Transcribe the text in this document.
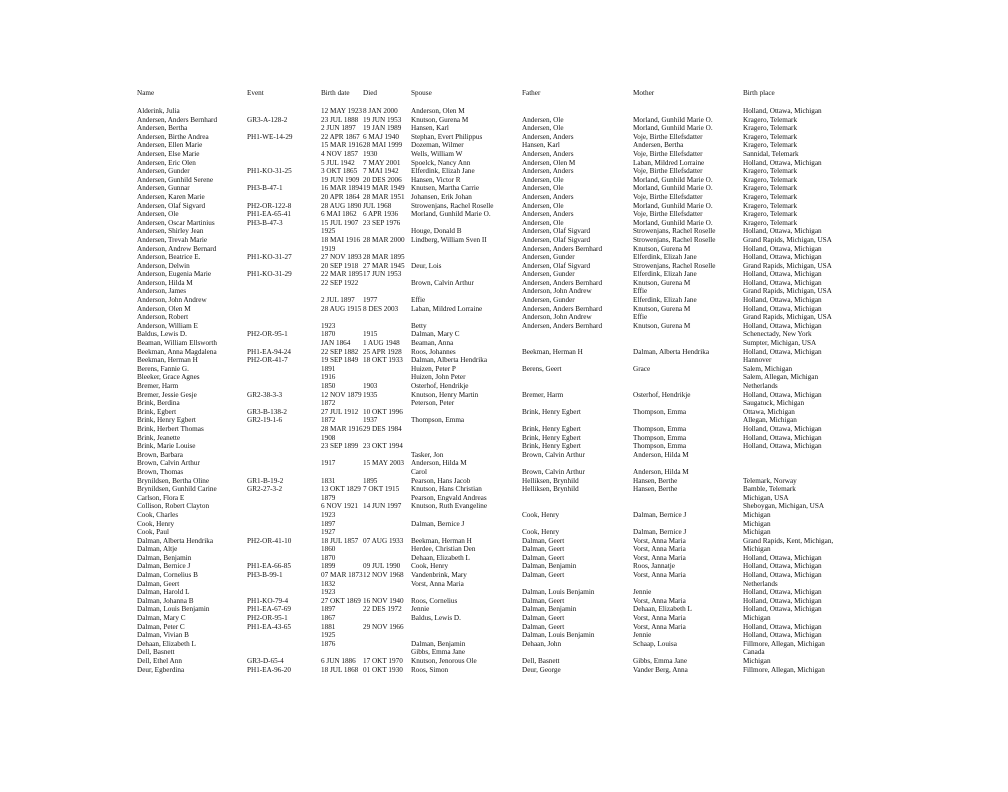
Name	Event	Birth date	Died	Spouse	Father	Mother	Birth place
Alderink, Julia		12 MAY 1923	8 JAN 2000	Anderson, Olen M			Holland, Ottawa, Michigan
Andersen, Anders Bernhard	GR3-A-128-2	23 JUL 1888	19 JUN 1953	Knutson, Gurena M	Andersen, Ole	Morland, Gunhild Marie O.	Kragero, Telemark
Andersen, Bertha		2 JUN 1897	19 JAN 1989	Hansen, Karl	Andersen, Ole	Morland, Gunhild Marie O.	Kragero, Telemark
Andersen, Birthe Andrea	PH1-WE-14-29	22 APR 1867	6 MAJ 1940	Stephan, Evert Philippus	Andersen, Anders	Voje, Birthe Ellefsdatter	Kragero, Telemark
Andersen, Ellen Marie		15 MAR 1916	28 MAI 1999	Dozeman, Wilmer	Hansen, Karl	Andersen, Bertha	Kragero, Telemark
Andersen, Else Marie		4 NOV 1857	1930	Wells, William W	Andersen, Anders	Voje, Birthe Ellefsdatter	Sannidal, Telemark
Andersen, Eric Olen		5 JUL 1942	7 MAY 2001	Spoelck, Nancy Ann	Andersen, Olen M	Laban, Mildred Lorraine	Holland, Ottawa, Michigan
Andersen, Gunder	PH1-KO-31-25	3 OKT 1865	7 MAI 1942	Elferdink, Elizah Jane	Andersen, Anders	Voje, Birthe Ellefsdatter	Kragero, Telemark
Andersen, Gunhild Serene		19 JUN 1909	20 DES 2006	Hansen, Victor R	Andersen, Ole	Morland, Gunhild Marie O.	Kragero, Telemark
Andersen, Gunnar	PH3-B-47-1	16 MAR 1894	19 MAR 1949	Knutsen, Martha Carrie	Andersen, Ole	Morland, Gunhild Marie O.	Kragero, Telemark
Andersen, Karen Marie		20 APR 1864	28 MAR 1951	Johansen, Erik Johan	Andersen, Anders	Voje, Birthe Ellefsdatter	Kragero, Telemark
Andersen, Olaf Sigvard	PH2-OR-122-8	28 AUG 1890	JUL 1968	Strowenjans, Rachel Roselle	Andersen, Ole	Morland, Gunhild Marie O.	Kragero, Telemark
Andersen, Ole	PH1-EA-65-41	6 MAI 1862	6 APR 1936	Morland, Gunhild Marie O.	Andersen, Anders	Voje, Birthe Ellefsdatter	Kragero, Telemark
Andersen, Oscar Martinius	PH3-B-47-3	15 JUL 1907	23 SEP 1976		Andersen, Ole	Morland, Gunhild Marie O.	Kragero, Telemark
Andersen, Shirley Jean		1925		Houge, Donald B	Andersen, Olaf Sigvard	Strowenjans, Rachel Roselle	Holland, Ottawa, Michigan
Andersen, Trevah Marie		18 MAI 1916	28 MAR 2000	Lindberg, William Sven II	Andersen, Olaf Sigvard	Strowenjans, Rachel Roselle	Grand Rapids, Michigan, USA
Anderson, Andrew Bernard		1919			Andersen, Anders Bernhard	Knutson, Gurena M	Holland, Ottawa, Michigan
Anderson, Beatrice E.	PH1-KO-31-27	27 NOV 1893	28 MAR 1895		Andersen, Gunder	Elferdink, Elizah Jane	Holland, Ottawa, Michigan
Anderson, Delwin		20 SEP 1918	27 MAR 1945	Deur, Lois	Andersen, Olaf Sigvard	Strowenjans, Rachel Roselle	Grand Rapids, Michigan, USA
Anderson, Eugenia Marie	PH1-KO-31-29	22 MAR 1895	17 JUN 1953		Andersen, Gunder	Elferdink, Elizah Jane	Holland, Ottawa, Michigan
Anderson, Hilda M		22 SEP 1922		Brown, Calvin Arthur	Andersen, Anders Bernhard	Knutson, Gurena M	Holland, Ottawa, Michigan
Anderson, James					Anderson, John Andrew	Effie	Grand Rapids, Michigan, USA
Anderson, John Andrew		2 JUL 1897	1977	Effie	Andersen, Gunder	Elferdink, Elizah Jane	Holland, Ottawa, Michigan
Anderson, Olen M		28 AUG 1915	8 DES 2003	Laban, Mildred Lorraine	Andersen, Anders Bernhard	Knutson, Gurena M	Holland, Ottawa, Michigan
Anderson, Robert					Anderson, John Andrew	Effie	Grand Rapids, Michigan, USA
Anderson, William E		1923		Betty	Andersen, Anders Bernhard	Knutson, Gurena M	Holland, Ottawa, Michigan
Baldus, Lewis D.	PH2-OR-95-1	1870	1915	Dalman, Mary C			Schenectady, New York
Beaman, William Ellsworth		JAN 1864	1 AUG 1948	Beaman, Anna			Sumpter, Michigan, USA
Beekman, Anna Magdalena	PH1-EA-94-24	22 SEP 1882	25 APR 1928	Roos, Johannes	Beekman, Herman H	Dalman, Alberta Hendrika	Holland, Ottawa, Michigan
Beekman, Herman H	PH2-OR-41-7	19 SEP 1849	18 OKT 1933	Dalman, Alberta Hendrika			Hannover
Berens, Fannie G.		1891		Huizen, Peter P	Berens, Geert	Grace	Salem, Michigan
Bleeker, Grace Agnes		1916		Huizen, John Peter			Salem, Allegan, Michigan
Bremer, Harm		1850	1903	Osterhof, Hendrikje			Netherlands
Bremer, Jessie Gesje	GR2-38-3-3	12 NOV 1879	1935	Knutson, Henry Martin	Bremer, Harm	Osterhof, Hendrikje	Holland, Ottawa, Michigan
Brink, Berdina		1872		Peterson, Peter			Saugatuck, Michigan
Brink, Egbert	GR3-B-138-2	27 JUL 1912	10 OKT 1996		Brink, Henry Egbert	Thompson, Emma	Ottawa, Michigan
Brink, Henry Egbert	GR2-19-1-6	1872	1937	Thompson, Emma			Allegan, Michigan
Brink, Herbert Thomas		28 MAR 1916	29 DES 1984		Brink, Henry Egbert	Thompson, Emma	Holland, Ottawa, Michigan
Brink, Jeanette		1908			Brink, Henry Egbert	Thompson, Emma	Holland, Ottawa, Michigan
Brink, Marie Louise		23 SEP 1899	23 OKT 1994		Brink, Henry Egbert	Thompson, Emma	Holland, Ottawa, Michigan
Brown, Barbara				Tasker, Jon	Brown, Calvin Arthur	Anderson, Hilda M	
Brown, Calvin Arthur		1917	15 MAY 2003	Anderson, Hilda M			
Brown, Thomas				Carol	Brown, Calvin Arthur	Anderson, Hilda M	
Brynildsen, Bertha Oline	GR1-B-19-2	1831	1895	Pearson, Hans Jacob	Helliksen, Brynhild	Hansen, Berthe	Telemark, Norway
Brynildsen, Gunhild Carine	GR2-27-3-2	13 OKT 1829	7 OKT 1915	Knutson, Hans Christian	Helliksen, Brynhild	Hansen, Berthe	Bamble, Telemark
Carlson, Flora E		1879		Pearson, Engvald Andreas			Michigan, USA
Collison, Robert Clayton		6 NOV 1921	14 JUN 1997	Knutson, Ruth Evangeline			Sheboygan, Michigan, USA
Cook, Charles		1923			Cook, Henry	Dalman, Bernice J	Michigan
Cook, Henry		1897		Dalman, Bernice J			Michigan
Cook, Paul		1927			Cook, Henry	Dalman, Bernice J	Michigan
Dalman, Alberta Hendrika	PH2-OR-41-10	18 JUL 1857	07 AUG 1933	Beekman, Herman H	Dalman, Geert	Vorst, Anna Maria	Grand Rapids, Kent, Michigan,
Dalman, Altje		1860		Herdee, Christian Den	Dalman, Geert	Vorst, Anna Maria	Michigan
Dalman, Benjamin		1870		Dehaan, Elizabeth L	Dalman, Geert	Vorst, Anna Maria	Holland, Ottawa, Michigan
Dalman, Bernice J	PH1-EA-66-85	1899	09 JUL 1990	Cook, Henry	Dalman, Benjamin	Roos, Jannatje	Holland, Ottawa, Michigan
Dalman, Cornelius B	PH3-B-99-1	07 MAR 1873	12 NOV 1968	Vandenbrink, Mary	Dalman, Geert	Vorst, Anna Maria	Holland, Ottawa, Michigan
Dalman, Geert		1832		Vorst, Anna Maria			Netherlands
Dalman, Harold L		1923			Dalman, Louis Benjamin	Jennie	Holland, Ottawa, Michigan
Dalman, Johanna B	PH1-KO-79-4	27 OKT 1869	16 NOV 1940	Roos, Cornelius	Dalman, Geert	Vorst, Anna Maria	Holland, Ottawa, Michigan
Dalman, Louis Benjamin	PH1-EA-67-69	1897	22 DES 1972	Jennie	Dalman, Benjamin	Dehaan, Elizabeth L	Holland, Ottawa, Michigan
Dalman, Mary C	PH2-OR-95-1	1867		Baldus, Lewis D.	Dalman, Geert	Vorst, Anna Maria	Michigan
Dalman, Peter C	PH1-EA-43-65	1881	29 NOV 1966		Dalman, Geert	Vorst, Anna Maria	Holland, Ottawa, Michigan
Dalman, Vivian B		1925			Dalman, Louis Benjamin	Jennie	Holland, Ottawa, Michigan
Dehaan, Elizabeth L		1876		Dalman, Benjamin	Dehaan, John	Schaap, Louisa	Fillmore, Allegan, Michigan
Dell, Basnett				Gibbs, Emma Jane			Canada
Dell, Ethel Ann	GR3-D-65-4	6 JUN 1886	17 OKT 1970	Knutson, Jenorous Ole	Dell, Basnett	Gibbs, Emma Jane	Michigan
Deur, Egberdina	PH1-EA-96-20	18 JUL 1868	01 OKT 1930	Roos, Simon	Deur, George	Vander Berg, Anna	Fillmore, Allegan, Michigan
